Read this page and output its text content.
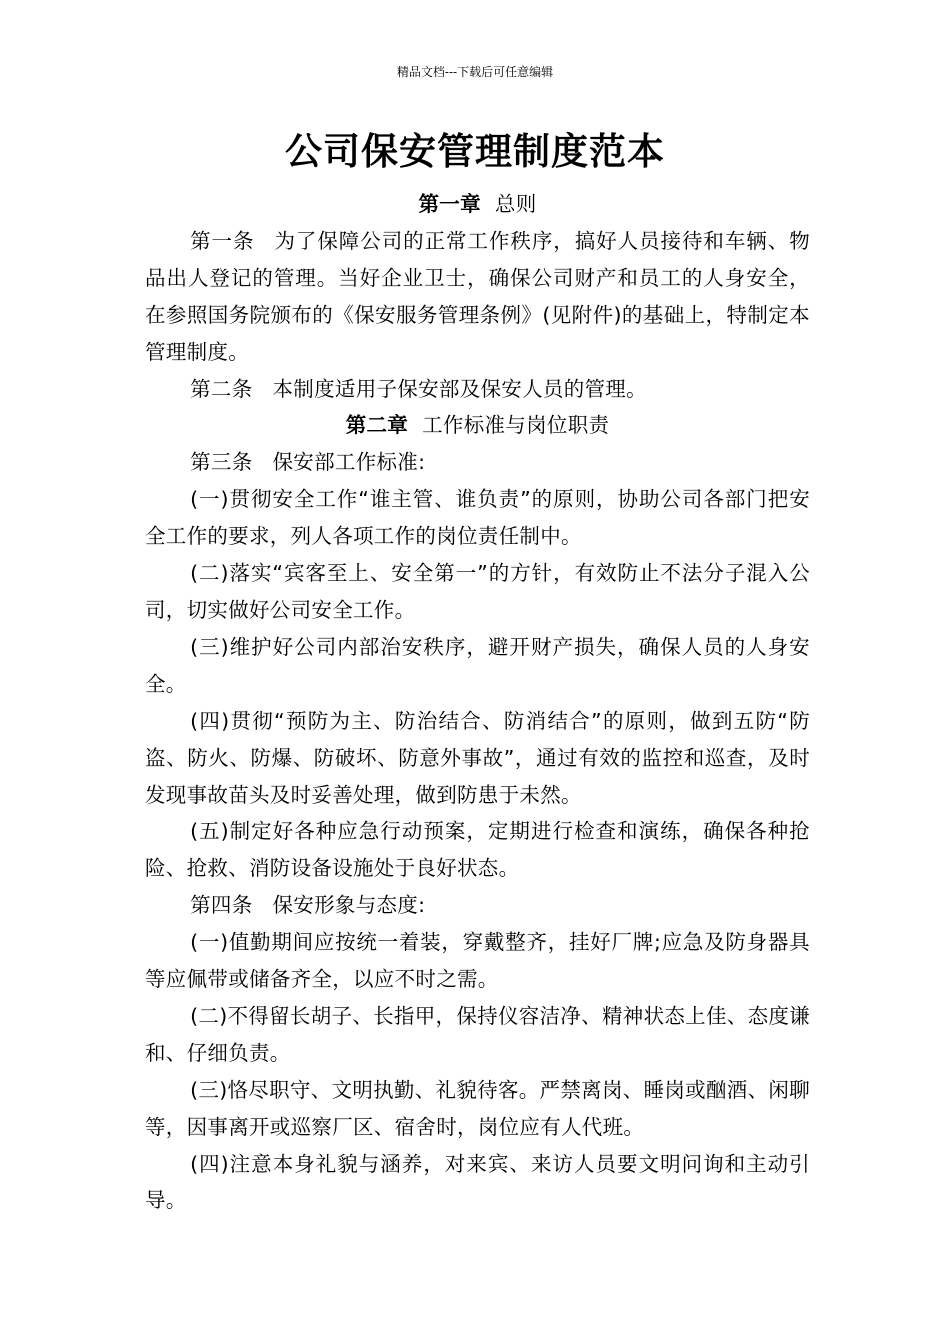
精品文档---下载后可任意编辑
公司保安管理制度范本

第一章 总则

第一条 为了保障公司的正常工作秩序，搞好人员接待和车辆、物品出人登记的管理。当好企业卫士，确保公司财产和员工的人身安全，在参照国务院颁布的《保安服务管理条例》(见附件)的基础上，特制定本管理制度。

第二条 本制度适用子保安部及保安人员的管理。

第二章 工作标准与岗位职责

第三条 保安部工作标准:

(一)贯彻安全工作“谁主管、谁负责”的原则，协助公司各部门把安全工作的要求，列人各项工作的岗位责任制中。

(二)落实“宾客至上、安全第一”的方针，有效防止不法分子混入公司，切实做好公司安全工作。

(三)维护好公司内部治安秩序，避开财产损失，确保人员的人身安全。

(四)贯彻“预防为主、防治结合、防消结合”的原则，做到五防“防盗、防火、防爆、防破坏、防意外事故”，通过有效的监控和巡查，及时发现事故苗头及时妥善处理，做到防患于未然。

(五)制定好各种应急行动预案，定期进行检查和演练，确保各种抢险、抢救、消防设备设施处于良好状态。

第四条 保安形象与态度:

(一)值勤期间应按统一着装，穿戴整齐，挂好厂牌;应急及防身器具等应佩带或储备齐全，以应不时之需。

(二)不得留长胡子、长指甲，保持仪容洁净、精神状态上佳、态度谦和、仔细负责。

(三)恪尽职守、文明执勤、礼貌待客。严禁离岗、睡岗或酗酒、闲聊等，因事离开或巡察厂区、宿舍时，岗位应有人代班。

(四)注意本身礼貌与涵养，对来宾、来访人员要文明问询和主动引导。
